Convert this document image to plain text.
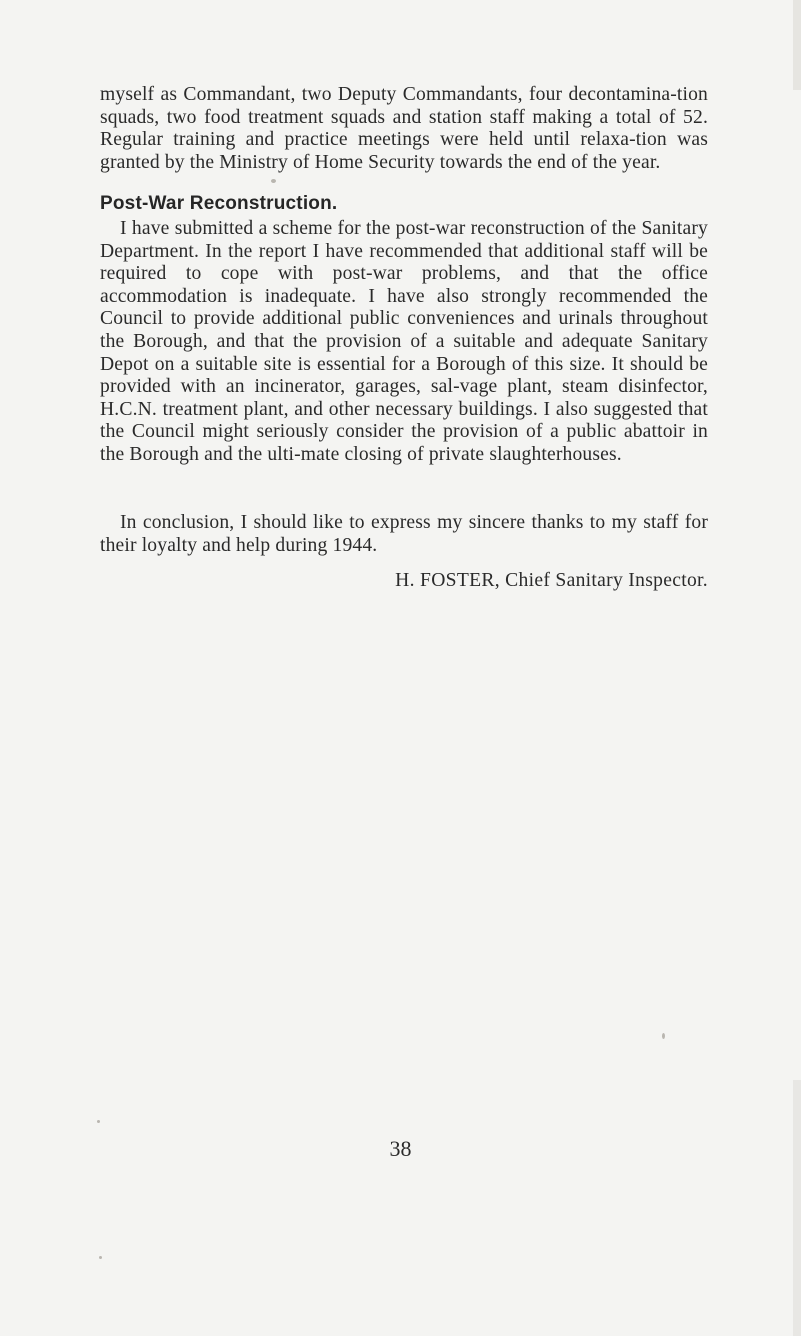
myself as Commandant, two Deputy Commandants, four decontamina-tion squads, two food treatment squads and station staff making a total of 52. Regular training and practice meetings were held until relaxa-tion was granted by the Ministry of Home Security towards the end of the year.

Post-War Reconstruction.

I have submitted a scheme for the post-war reconstruction of the Sanitary Department. In the report I have recommended that additional staff will be required to cope with post-war problems, and that the office accommodation is inadequate. I have also strongly recommended the Council to provide additional public conveniences and urinals throughout the Borough, and that the provision of a suitable and adequate Sanitary Depot on a suitable site is essential for a Borough of this size. It should be provided with an incinerator, garages, sal-vage plant, steam disinfector, H.C.N. treatment plant, and other necessary buildings. I also suggested that the Council might seriously consider the provision of a public abattoir in the Borough and the ulti-mate closing of private slaughterhouses.

In conclusion, I should like to express my sincere thanks to my staff for their loyalty and help during 1944.

H. FOSTER, Chief Sanitary Inspector.

38
